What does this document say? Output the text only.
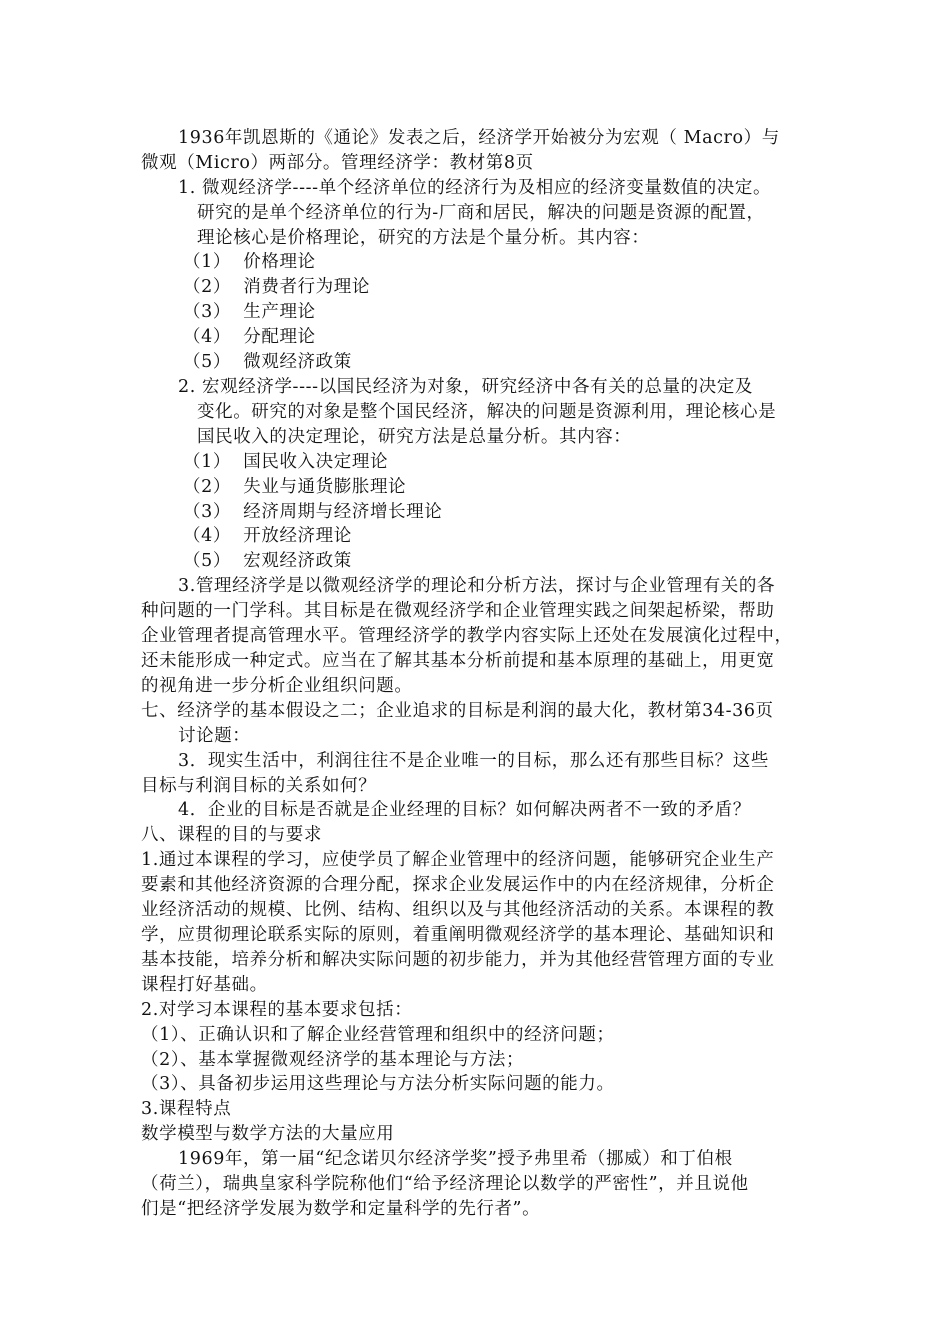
1936年凯恩斯的《通论》发表之后，经济学开始被分为宏观（ Macro）与
微观（Micro）两部分。管理经济学：教材第8页
1. 微观经济学----单个经济单位的经济行为及相应的经济变量数值的决定。
研究的是单个经济单位的行为-厂商和居民，解决的问题是资源的配置，
理论核心是价格理论，研究的方法是个量分析。其内容：
（1）  价格理论
（2）  消费者行为理论
（3）  生产理论
（4）  分配理论
（5）  微观经济政策
2. 宏观经济学----以国民经济为对象，研究经济中各有关的总量的决定及
变化。研究的对象是整个国民经济，解决的问题是资源利用，理论核心是
国民收入的决定理论，研究方法是总量分析。其内容：
（1）  国民收入决定理论
（2）  失业与通货膨胀理论
（3）  经济周期与经济增长理论
（4）  开放经济理论
（5）  宏观经济政策
3.管理经济学是以微观经济学的理论和分析方法，探讨与企业管理有关的各
种问题的一门学科。其目标是在微观经济学和企业管理实践之间架起桥梁，帮助
企业管理者提高管理水平。管理经济学的教学内容实际上还处在发展演化过程中，
还未能形成一种定式。应当在了解其基本分析前提和基本原理的基础上，用更宽
的视角进一步分析企业组织问题。
七、经济学的基本假设之二；企业追求的目标是利润的最大化，教材第34-36页
讨论题：
3．现实生活中，利润往往不是企业唯一的目标，那么还有那些目标？这些
目标与利润目标的关系如何？
4．企业的目标是否就是企业经理的目标？如何解决两者不一致的矛盾？
八、课程的目的与要求
1.通过本课程的学习，应使学员了解企业管理中的经济问题，能够研究企业生产
要素和其他经济资源的合理分配，探求企业发展运作中的内在经济规律，分析企
业经济活动的规模、比例、结构、组织以及与其他经济活动的关系。本课程的教
学，应贯彻理论联系实际的原则，着重阐明微观经济学的基本理论、基础知识和
基本技能，培养分析和解决实际问题的初步能力，并为其他经营管理方面的专业
课程打好基础。
2.对学习本课程的基本要求包括：
（1）、正确认识和了解企业经营管理和组织中的经济问题；
（2）、基本掌握微观经济学的基本理论与方法；
（3）、具备初步运用这些理论与方法分析实际问题的能力。
3.课程特点
数学模型与数学方法的大量应用
1969年，第一届“纪念诺贝尔经济学奖”授予弗里希（挪威）和丁伯根
（荷兰），瑞典皇家科学院称他们“给予经济理论以数学的严密性”，并且说他
们是“把经济学发展为数学和定量科学的先行者”。
